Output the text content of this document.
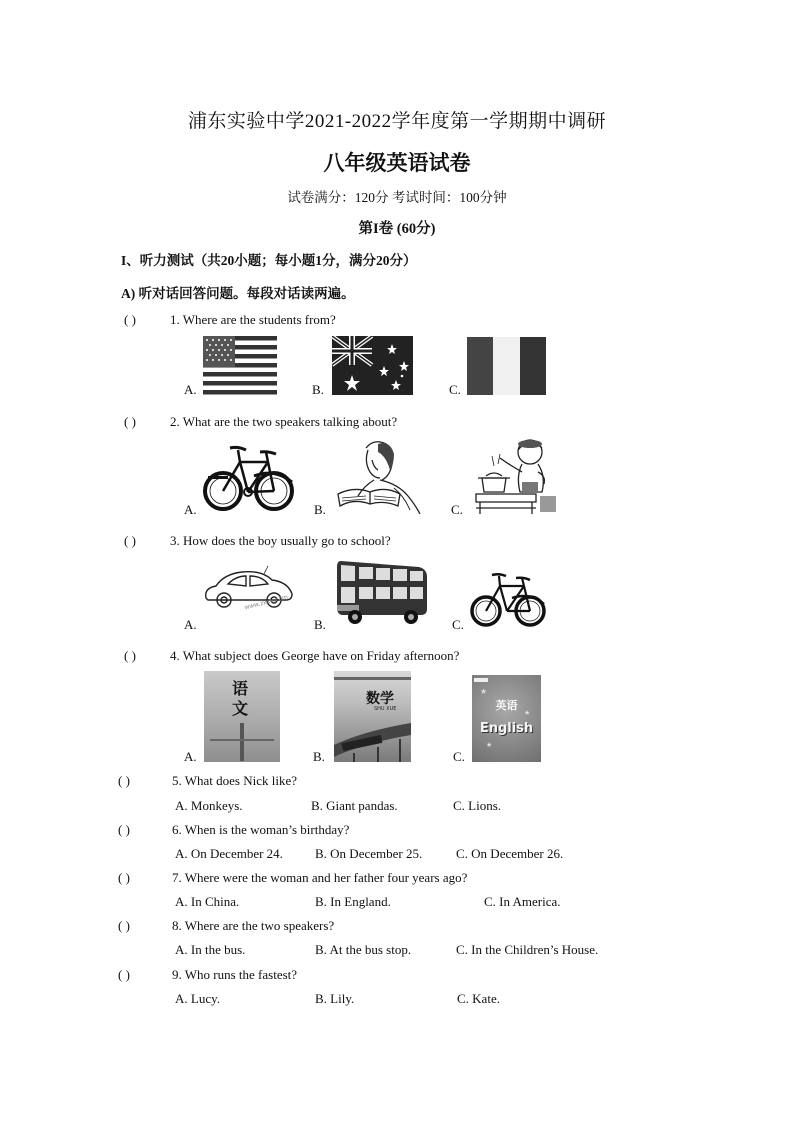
浦东实验中学2021-2022学年度第一学期期中调研
八年级英语试卷
试卷满分：120分 考试时间：100分钟
第I卷 (60分)
I、听力测试（共20小题；每小题1分，满分20分）
A) 听对话回答问题。每段对话读两遍。
( )	1. Where are the students from?
A.	B.	C.
( )	2. What are the two speakers talking about?
A.	B.	C.
( )	3. How does the boy usually go to school?
A.	B.	C.
www.zxxk.com
( )	4. What subject does George have on Friday afternoon?
A.	B.	C.
语
文	数学
SHU XUE	英语
English
★
★
★
( )	5. What does Nick like?
A. Monkeys.	B. Giant pandas.	C. Lions.
( )	6. When is the woman’s birthday?
A. On December 24. B. On December 25.	C. On December 26.
( )	7. Where were the woman and her father four years ago?
A. In China.	B. In England.	C. In America.
( )	8. Where are the two speakers?
A. In the bus.	B. At the bus stop.	C. In the Children’s House.
( )	9. Who runs the fastest?
A. Lucy.	B. Lily.	C. Kate.
